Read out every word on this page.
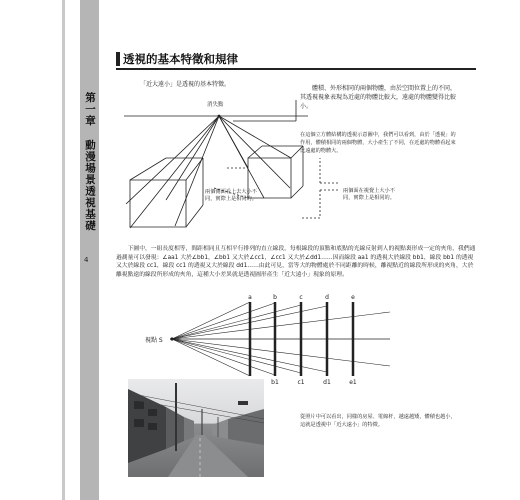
第一章 動漫場景透視基礎
4
透視的基本特徵和規律
「近大遠小」是透視的基本特徵。
體積、外形相同的兩個物體，由於空間位置上的不同，其透視視象表現為近處的物體比較大，遠處的物體變得比較小。
在這個立方體結構的透視示意圖中，我們可以看到，由於「透視」的作用，體積相同的兩個物體，大小產生了不同，在近處的物體看起來比遠處的物體大。
下圖中，一組長度相等，間距相同且互相平行排列的直立線段，每根線段的頂點和底點的光線反射到人的視點裏形成一定的夾角，我們通過測量可以發現：∠aa1 大於∠bb1，∠bb1 又大於∠cc1，∠cc1 又大於∠dd1……因而線段 aa1 的透視大於線段 bb1，線段 bb1 的透視又大於線段 cc1，線段 cc1 的透視又大於線段 dd1……由此可見，當等大的物體處於不同距離的時候，離視點近的線段所形成的夾角，大於離視點遠的線段所形成的夾角，這種大小差異就是透視圖形產生「近大遠小」現象的原理。
從照片中可以看出，同樣的房屋、電線杆，越遠越矮，體積也越小，這就是透視中「近大遠小」的特徵。
消失點
兩個側面看上去大小不同，實際上是相同的。
兩個面在視覺上大小不同，實際上是相同的。
視點 S
a	b	c	d	e
b1	c1	d1	e1
